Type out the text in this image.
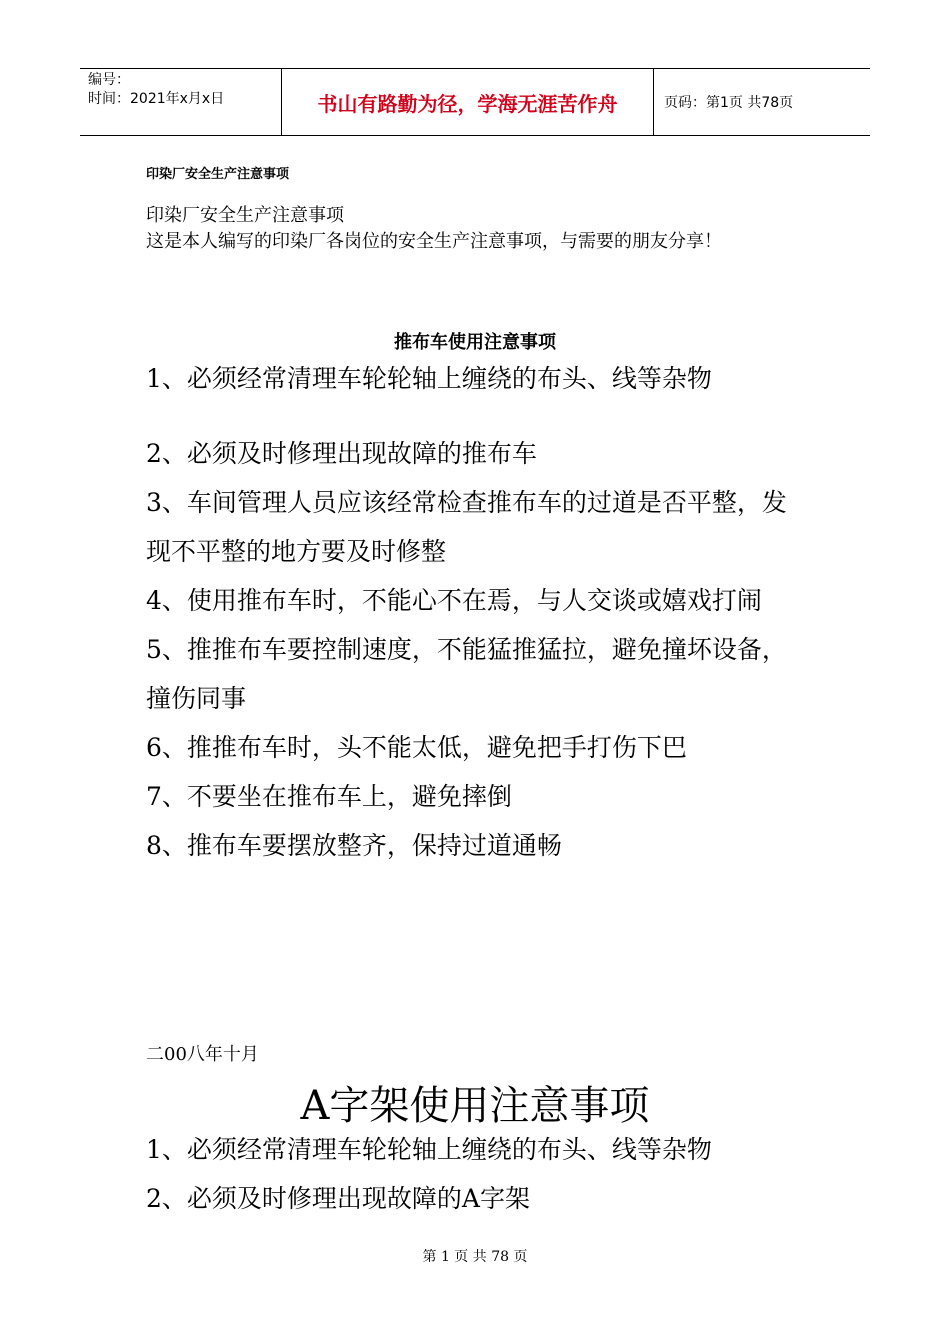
编号：
时间：2021年x月x日	书山有路勤为径，学海无涯苦作舟	页码：第1页 共78页
印染厂安全生产注意事项
印染厂安全生产注意事项
这是本人编写的印染厂各岗位的安全生产注意事项，与需要的朋友分享！
推布车使用注意事项

1、必须经常清理车轮轮轴上缠绕的布头、线等杂物

2、必须及时修理出现故障的推布车

3、车间管理人员应该经常检查推布车的过道是否平整，发现不平整的地方要及时修整

4、使用推布车时，不能心不在焉，与人交谈或嬉戏打闹

5、推推布车要控制速度，不能猛推猛拉，避免撞坏设备，撞伤同事

6、推推布车时，头不能太低，避免把手打伤下巴

7、不要坐在推布车上，避免摔倒

8、推布车要摆放整齐，保持过道通畅

二00八年十月
A字架使用注意事项

1、必须经常清理车轮轮轴上缠绕的布头、线等杂物

2、必须及时修理出现故障的A字架

第 1 页 共 78 页
